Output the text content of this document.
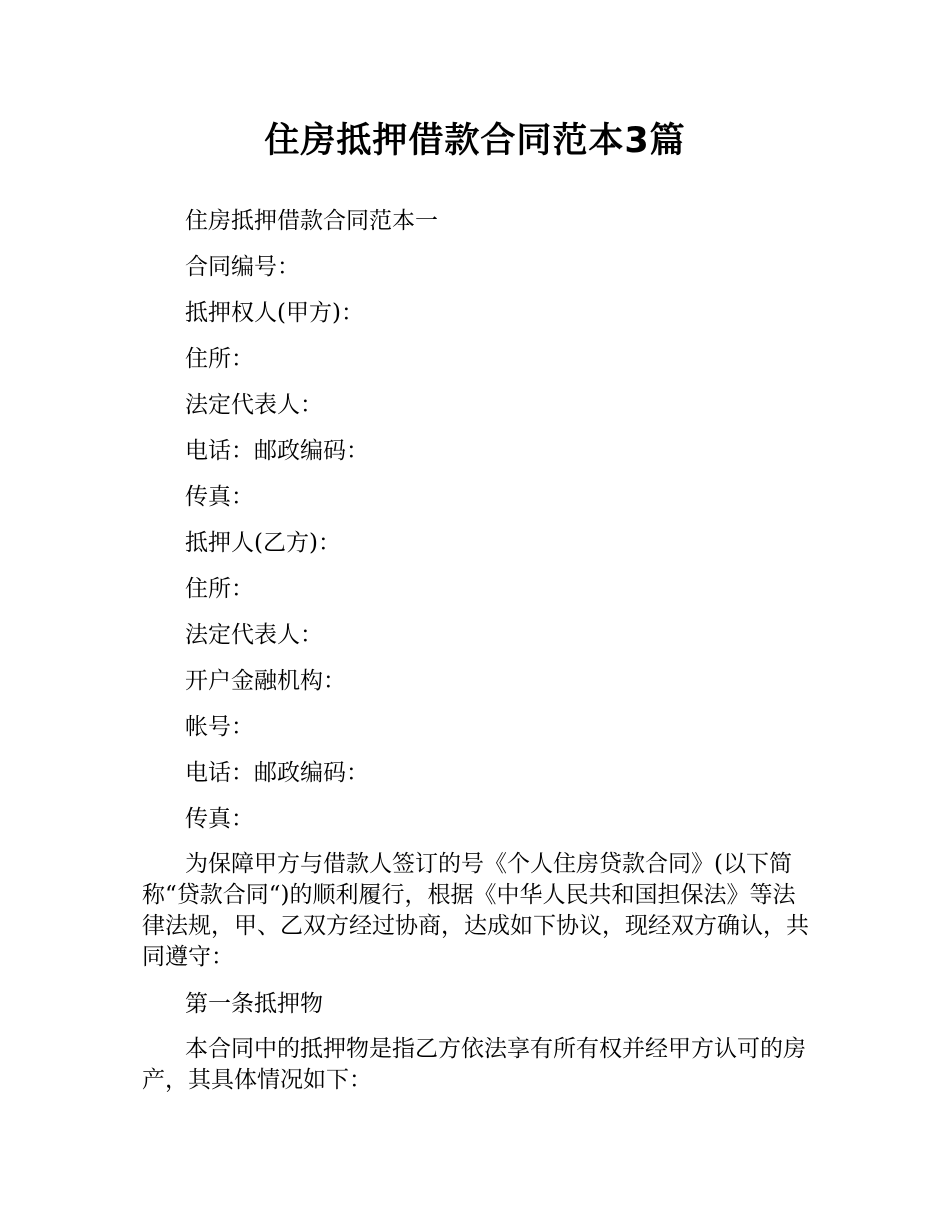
住房抵押借款合同范本3篇

住房抵押借款合同范本一

合同编号：

抵押权人(甲方)：

住所：

法定代表人：

电话：邮政编码：

传真：

抵押人(乙方)：

住所：

法定代表人：

开户金融机构：

帐号：

电话：邮政编码：

传真：

为保障甲方与借款人签订的号《个人住房贷款合同》(以下简称“贷款合同“)的顺利履行，根据《中华人民共和国担保法》等法律法规，甲、乙双方经过协商，达成如下协议，现经双方确认，共同遵守：

第一条抵押物

本合同中的抵押物是指乙方依法享有所有权并经甲方认可的房产，其具体情况如下：
